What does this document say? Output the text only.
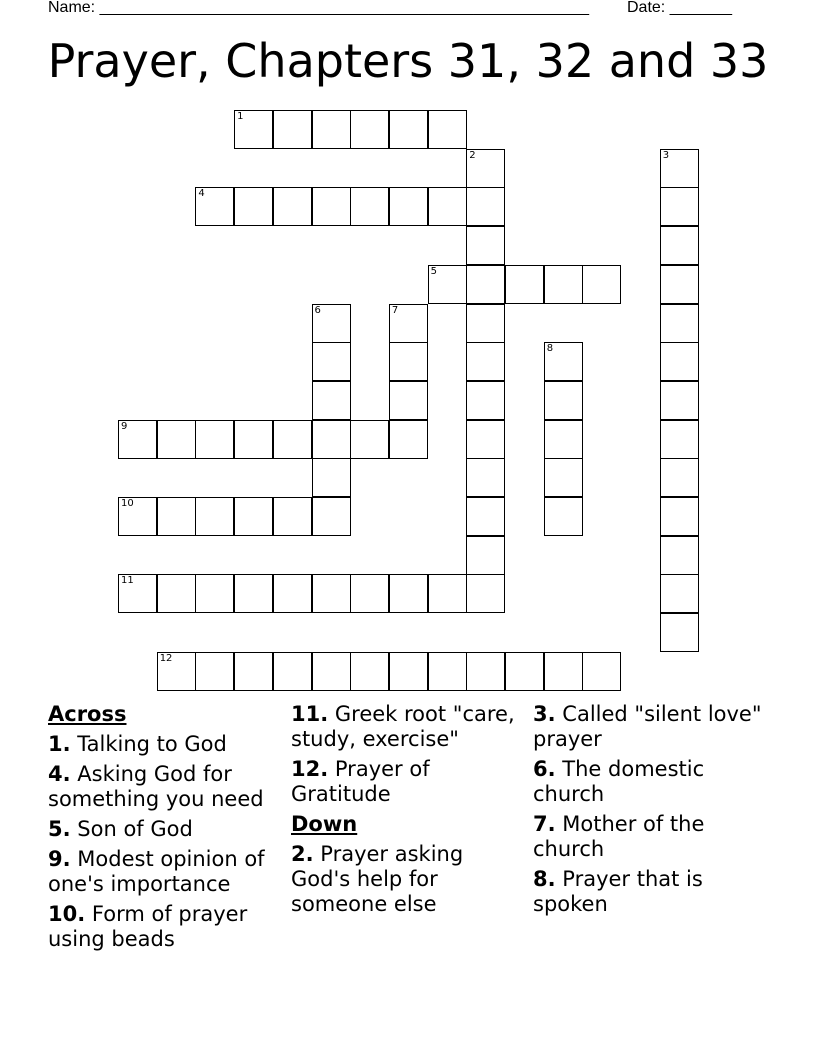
Name: _______________________________________________________ Date: _______
Prayer, Chapters 31, 32 and 33
1
2	3
4
5
6	7
8
9
10
11
12
Across
1. Talking to God
4. Asking God for something you need
5. Son of God
9. Modest opinion of one's importance
10. Form of prayer using beads
11. Greek root "care, study, exercise"
12. Prayer of Gratitude
Down
2. Prayer asking God's help for someone else
3. Called "silent love" prayer
6. The domestic church
7. Mother of the church
8. Prayer that is spoken
